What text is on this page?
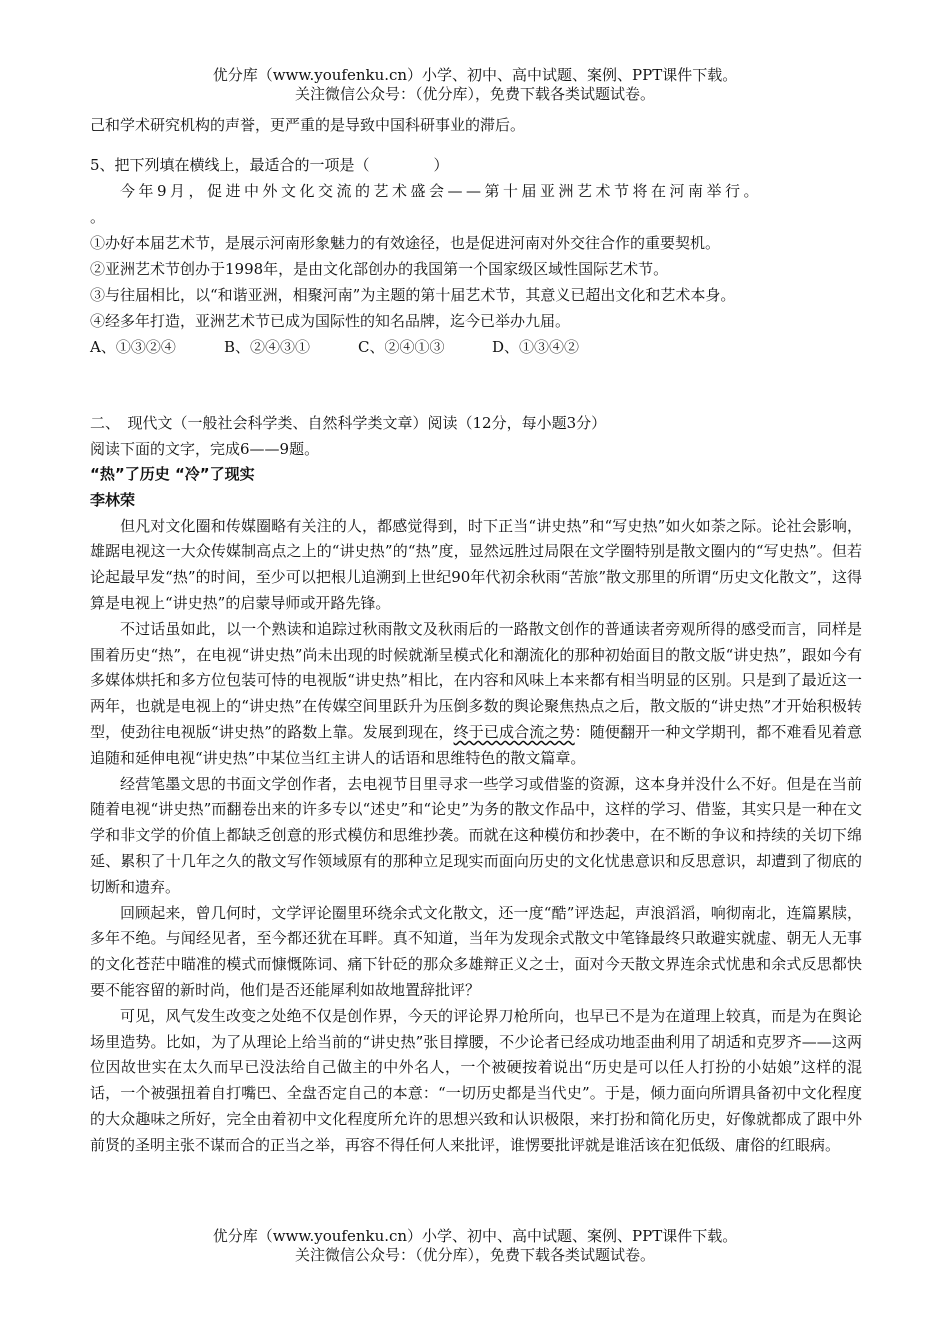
优分库（www.youfenku.cn）小学、初中、高中试题、案例、PPT课件下载。
关注微信公众号：（优分库），免费下载各类试题试卷。

己和学术研究机构的声誉，更严重的是导致中国科研事业的滞后。

5、把下列填在横线上，最适合的一项是（	）

今年9月，促进中外文化交流的艺术盛会——第十届亚洲艺术节将在河南举行。

。

①办好本届艺术节，是展示河南形象魅力的有效途径，也是促进河南对外交往合作的重要契机。

②亚洲艺术节创办于1998年，是由文化部创办的我国第一个国家级区域性国际艺术节。

③与往届相比，以“和谐亚洲，相聚河南”为主题的第十届艺术节，其意义已超出文化和艺术本身。

④经多年打造，亚洲艺术节已成为国际性的知名品牌，迄今已举办九届。

A、①③②④	B、②④③①	C、②④①③	D、①③④②

二、　现代文（一般社会科学类、自然科学类文章）阅读（12分，每小题3分）

阅读下面的文字，完成6——9题。

“热”了历史 “冷”了现实

李林荣

但凡对文化圈和传媒圈略有关注的人，都感觉得到，时下正当“讲史热”和“写史热”如火如荼之际。论社会影响，雄踞电视这一大众传媒制高点之上的“讲史热”的“热”度，显然远胜过局限在文学圈特别是散文圈内的“写史热”。但若论起最早发“热”的时间，至少可以把根儿追溯到上世纪90年代初余秋雨“苦旅”散文那里的所谓“历史文化散文”，这得算是电视上“讲史热”的启蒙导师或开路先锋。

不过话虽如此，以一个熟读和追踪过秋雨散文及秋雨后的一路散文创作的普通读者旁观所得的感受而言，同样是围着历史“热”，在电视“讲史热”尚未出现的时候就渐呈模式化和潮流化的那种初始面目的散文版“讲史热”，跟如今有多媒体烘托和多方位包装可恃的电视版“讲史热”相比，在内容和风味上本来都有相当明显的区别。只是到了最近这一两年，也就是电视上的“讲史热”在传媒空间里跃升为压倒多数的舆论聚焦热点之后，散文版的“讲史热”才开始积极转型，使劲往电视版“讲史热”的路数上靠。发展到现在，终于已成合流之势：随便翻开一种文学期刊，都不难看见着意追随和延伸电视“讲史热”中某位当红主讲人的话语和思维特色的散文篇章。

经营笔墨文思的书面文学创作者，去电视节目里寻求一些学习或借鉴的资源，这本身并没什么不好。但是在当前随着电视“讲史热”而翻卷出来的许多专以“述史”和“论史”为务的散文作品中，这样的学习、借鉴，其实只是一种在文学和非文学的价值上都缺乏创意的形式模仿和思维抄袭。而就在这种模仿和抄袭中，在不断的争议和持续的关切下绵延、累积了十几年之久的散文写作领域原有的那种立足现实而面向历史的文化忧患意识和反思意识，却遭到了彻底的切断和遗弃。

回顾起来，曾几何时，文学评论圈里环绕余式文化散文，还一度“酷”评迭起，声浪滔滔，响彻南北，连篇累牍，多年不绝。与闻经见者，至今都还犹在耳畔。真不知道，当年为发现余式散文中笔锋最终只敢避实就虚、朝无人无事的文化苍茫中瞄准的模式而慷慨陈词、痛下针砭的那众多雄辩正义之士，面对今天散文界连余式忧患和余式反思都快要不能容留的新时尚，他们是否还能犀利如故地置辞批评？

可见，风气发生改变之处绝不仅是创作界，今天的评论界刀枪所向，也早已不是为在道理上较真，而是为在舆论场里造势。比如，为了从理论上给当前的“讲史热”张目撑腰，不少论者已经成功地歪曲利用了胡适和克罗齐——这两位因故世实在太久而早已没法给自己做主的中外名人，一个被硬按着说出“历史是可以任人打扮的小姑娘”这样的混话，一个被强扭着自打嘴巴、全盘否定自己的本意：“一切历史都是当代史”。于是，倾力面向所谓具备初中文化程度的大众趣味之所好，完全由着初中文化程度所允许的思想兴致和认识极限，来打扮和简化历史，好像就都成了跟中外前贤的圣明主张不谋而合的正当之举，再容不得任何人来批评，谁愣要批评就是谁活该在犯低级、庸俗的红眼病。

优分库（www.youfenku.cn）小学、初中、高中试题、案例、PPT课件下载。
关注微信公众号：（优分库），免费下载各类试题试卷。
